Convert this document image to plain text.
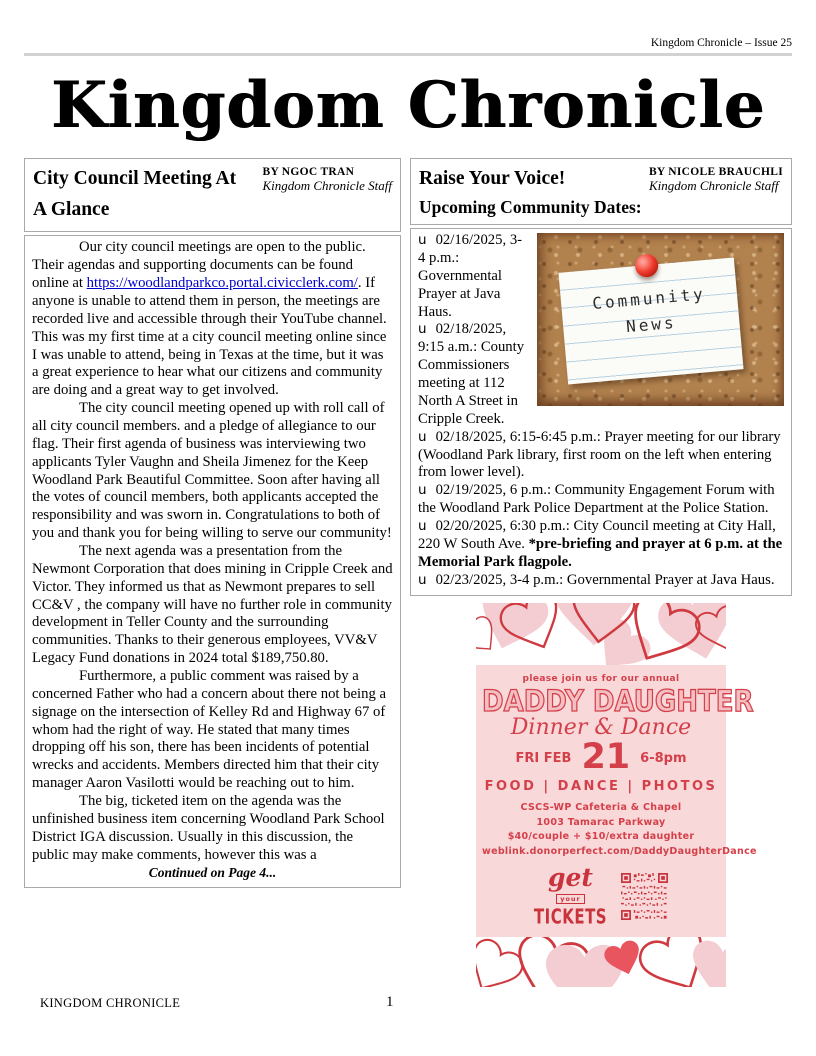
Kingdom Chronicle – Issue 25
Kingdom Chronicle
City Council Meeting At
A Glance
BY NGOC TRAN
Kingdom Chronicle Staff

Our city council meetings are open to the public. Their agendas and supporting documents can be found online at https://woodlandparkco.portal.civicclerk.com/. If anyone is unable to attend them in person, the meetings are recorded live and accessible through their YouTube channel. This was my first time at a city council meeting online since I was unable to attend, being in Texas at the time, but it was a great experience to hear what our citizens and community are doing and a great way to get involved.

The city council meeting opened up with roll call of all city council members. and a pledge of allegiance to our flag. Their first agenda of business was interviewing two applicants Tyler Vaughn and Sheila Jimenez for the Keep Woodland Park Beautiful Committee. Soon after having all the votes of council members, both applicants accepted the responsibility and was sworn in. Congratulations to both of you and thank you for being willing to serve our community!

The next agenda was a presentation from the Newmont Corporation that does mining in Cripple Creek and Victor. They informed us that as Newmont prepares to sell CC&V , the company will have no further role in community development in Teller County and the surrounding communities. Thanks to their generous employees, VV&V Legacy Fund donations in 2024 total $189,750.80.

Furthermore, a public comment was raised by a concerned Father who had a concern about there not being a signage on the intersection of Kelley Rd and Highway 67 of whom had the right of way. He stated that many times dropping off his son, there has been incidents of potential wrecks and accidents. Members directed him that their city manager Aaron Vasilotti would be reaching out to him.

The big, ticketed item on the agenda was the unfinished business item concerning Woodland Park School District IGA discussion. Usually in this discussion, the public may make comments, however this was a

Continued on Page 4...
Raise Your Voice!	BY NICOLE BRAUCHLI
Kingdom Chronicle Staff
Upcoming Community Dates:
Community
News
u 02/16/2025, 3-4 p.m.: Governmental Prayer at Java Haus.
u 02/18/2025, 9:15 a.m.: County Commissioners meeting at 112 North A Street in Cripple Creek.
u 02/18/2025, 6:15-6:45 p.m.: Prayer meeting for our library (Woodland Park library, first room on the left when entering from lower level).
u 02/19/2025, 6 p.m.: Community Engagement Forum with the Woodland Park Police Department at the Police Station.
u 02/20/2025, 6:30 p.m.: City Council meeting at City Hall, 220 W South Ave. *pre-briefing and prayer at 6 p.m. at the Memorial Park flagpole.
u 02/23/2025, 3-4 p.m.: Governmental Prayer at Java Haus.
please join us for our annual
DADDY DAUGHTER
Dinner & Dance
FRI FEB 21 6-8pm
FOOD | DANCE | PHOTOS
CSCS-WP Cafeteria & Chapel
1003 Tamarac Parkway
$40/couple + $10/extra daughter
weblink.donorperfect.com/DaddyDaughterDance
get
your
TICKETS
KINGDOM CHRONICLE	1
